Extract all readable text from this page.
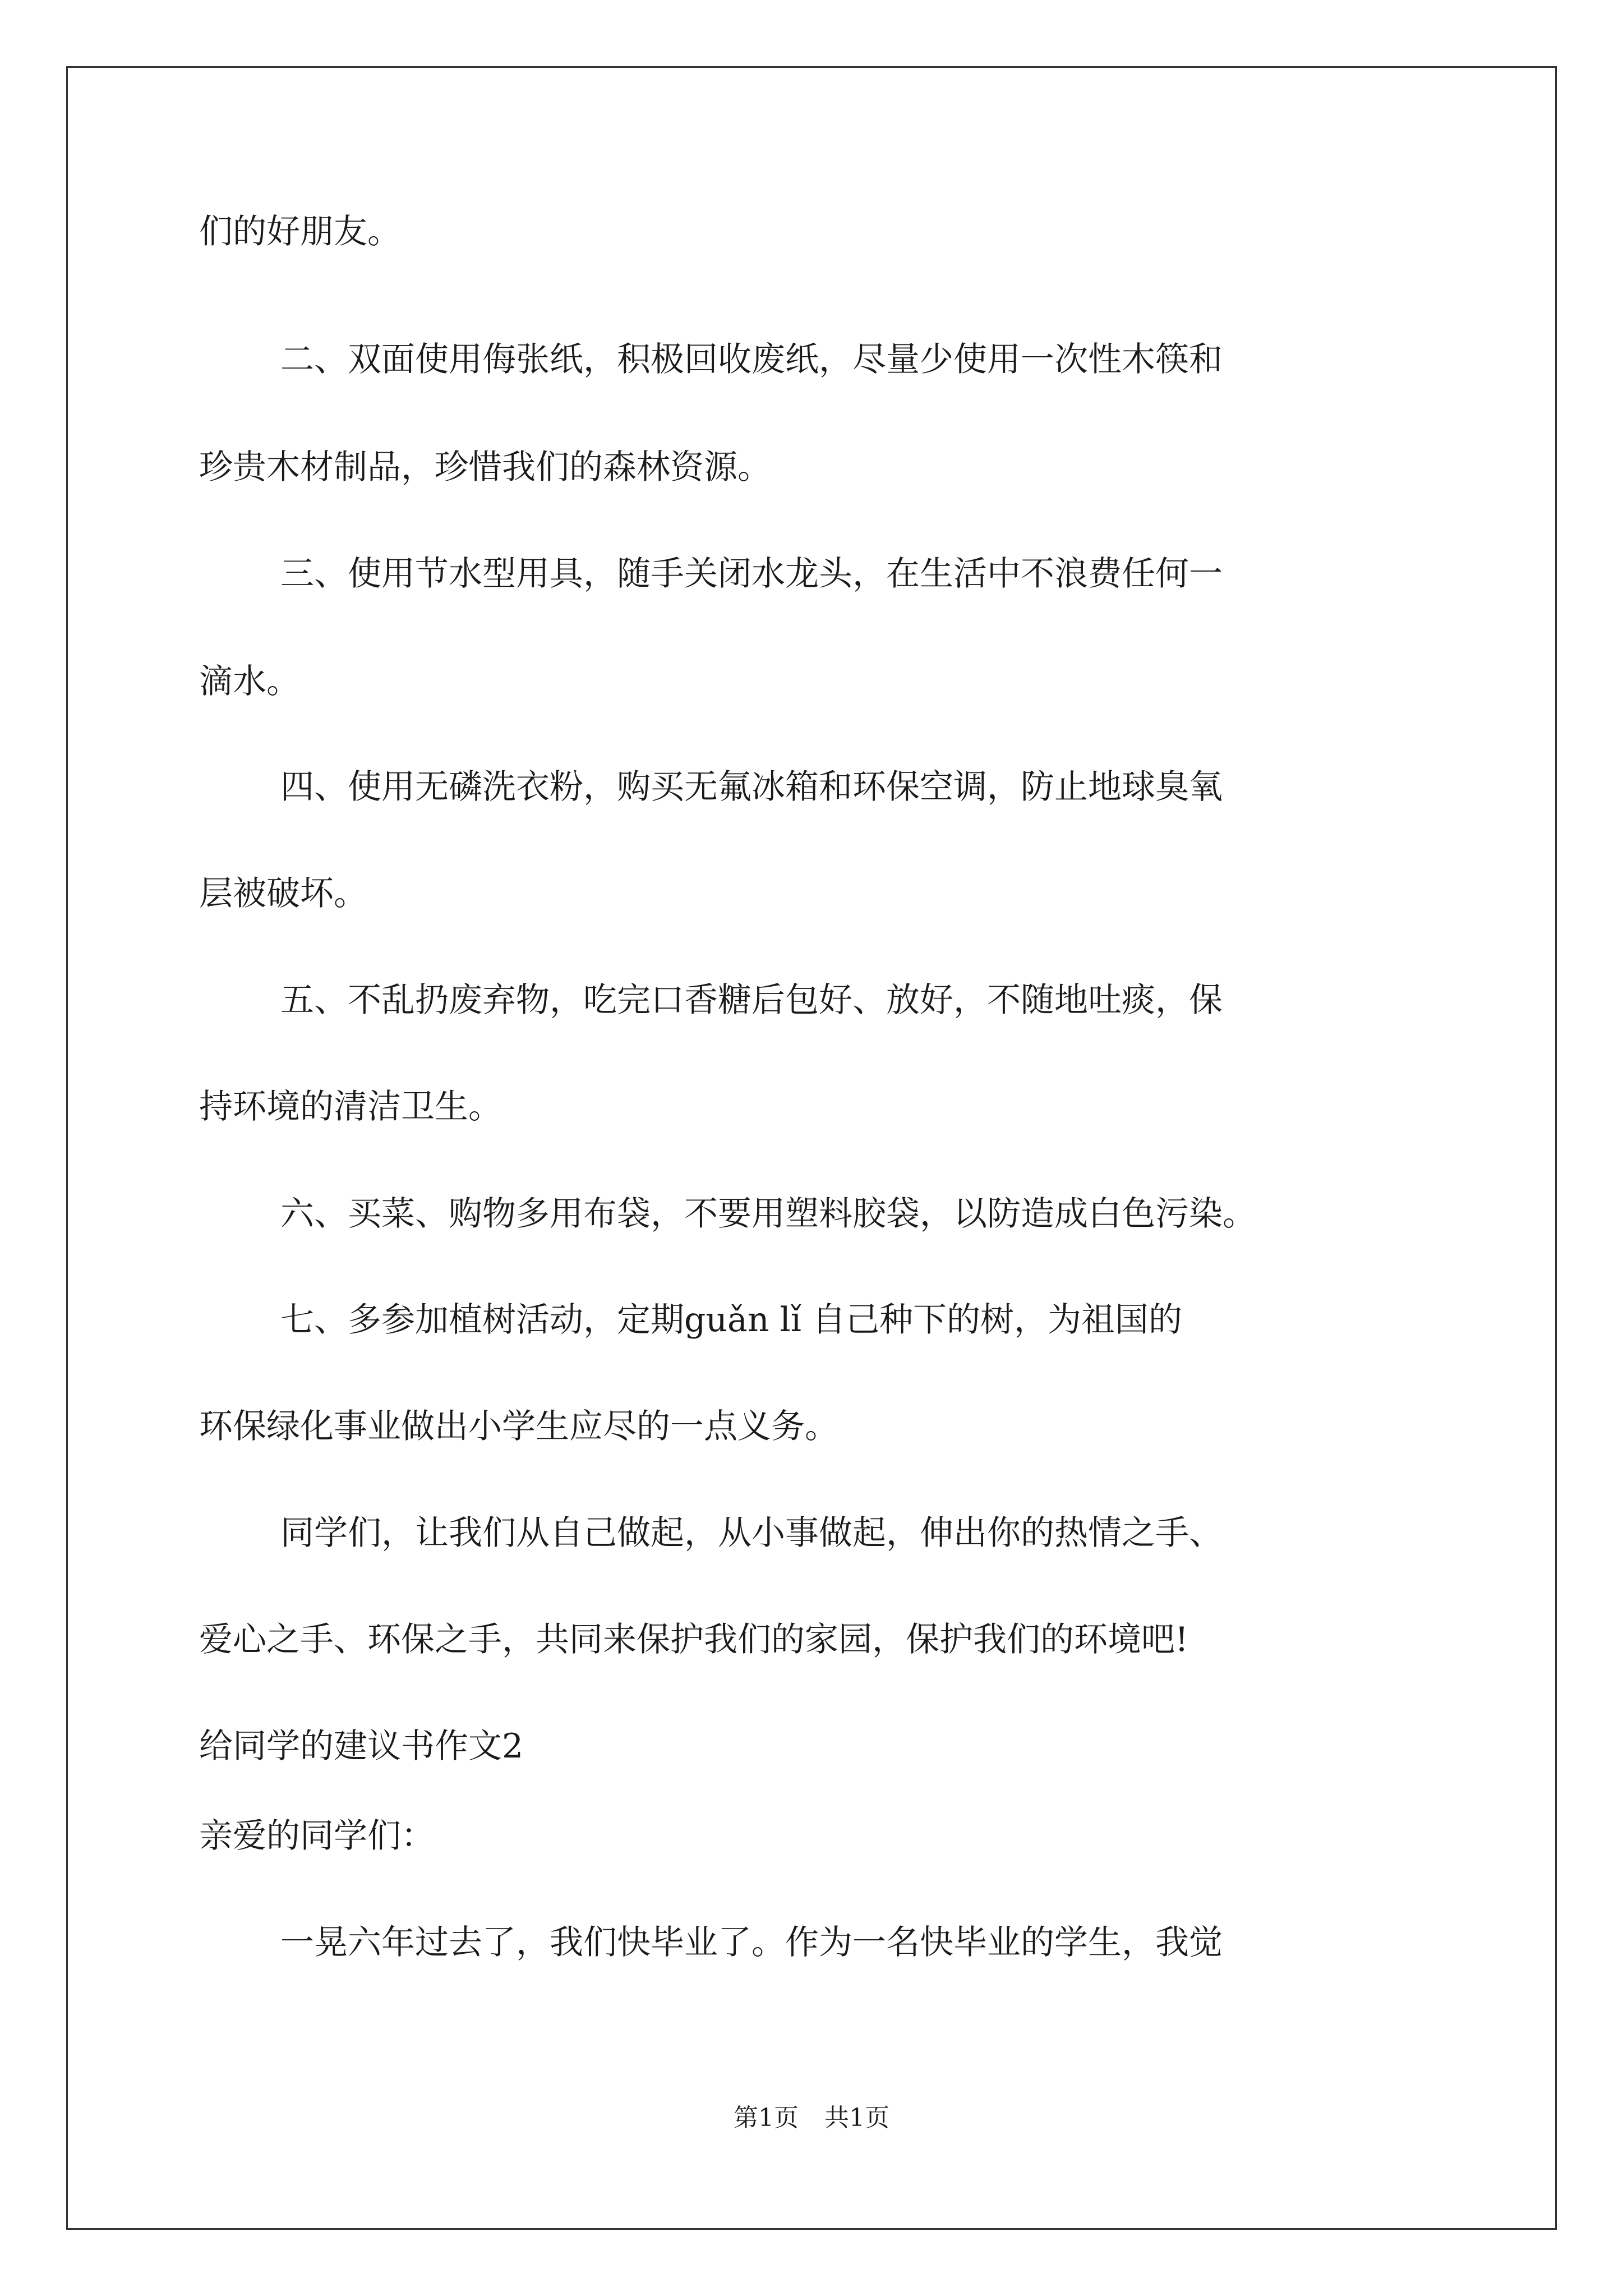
们的好朋友。
二、双面使用侮张纸，积极回收废纸，尽量少使用一次性木筷和
珍贵木材制品，珍惜我们的森林资源。
三、使用节水型用具，随手关闭水龙头，在生活中不浪费任何一
滴水。
四、使用无磷洗衣粉，购买无氟冰箱和环保空调，防止地球臭氧
层被破坏。
五、不乱扔废弃物，吃完口香糖后包好、放好，不随地吐痰，保
持环境的清洁卫生。
六、买菜、购物多用布袋，不要用塑料胶袋，以防造成白色污染。
七、多参加植树活动，定期guǎn lǐ 自己种下的树，为祖国的
环保绿化事业做出小学生应尽的一点义务。
同学们，让我们从自己做起，从小事做起，伸出你的热情之手、
爱心之手、环保之手，共同来保护我们的家园，保护我们的环境吧!
给同学的建议书作文2
亲爱的同学们：
一晃六年过去了，我们快毕业了。作为一名快毕业的学生，我觉
第1页 共1页
